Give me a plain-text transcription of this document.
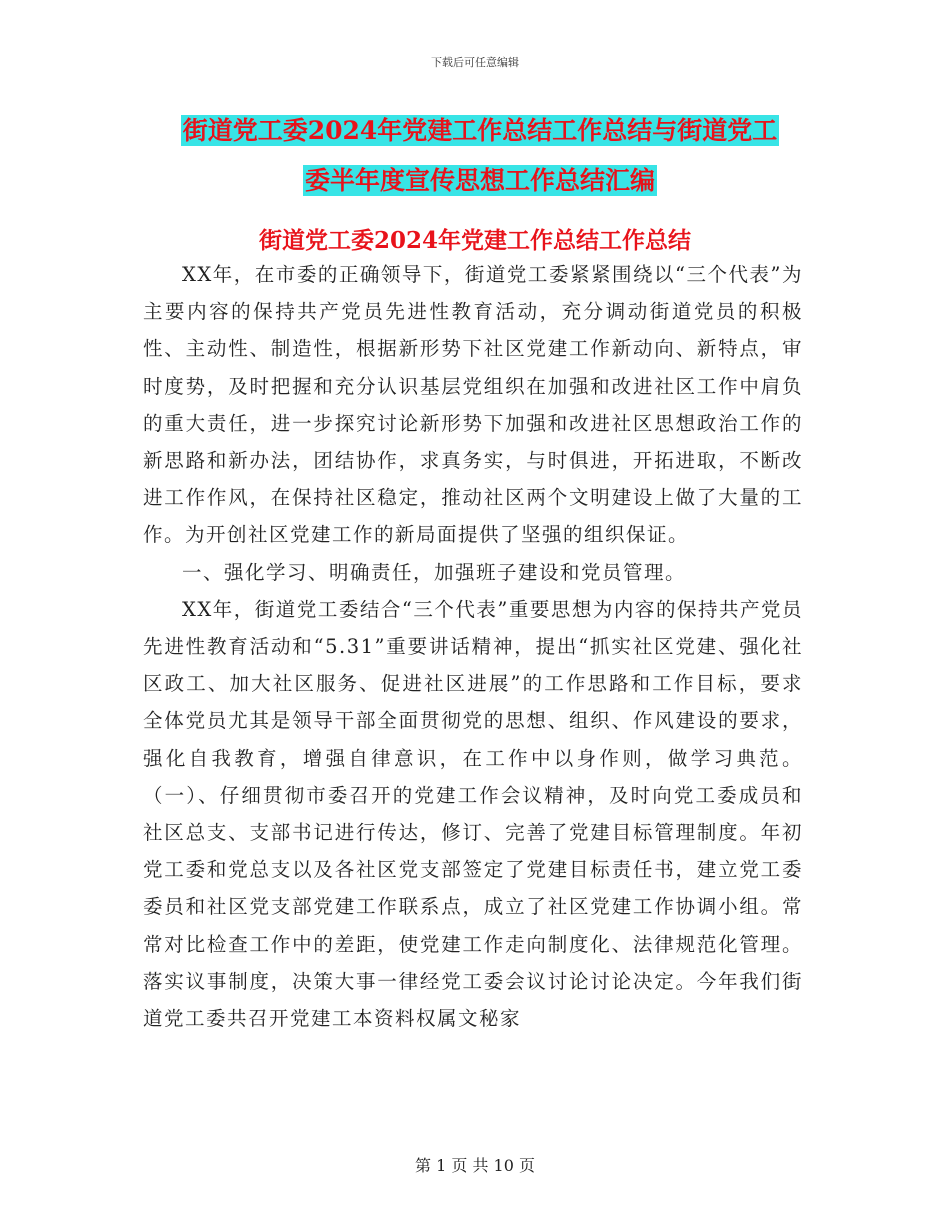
下载后可任意编辑
街道党工委2024年党建工作总结工作总结与街道党工
委半年度宣传思想工作总结汇编
街道党工委2024年党建工作总结工作总结

XX年，在市委的正确领导下，街道党工委紧紧围绕以“三个代表”为主要内容的保持共产党员先进性教育活动，充分调动街道党员的积极性、主动性、制造性，根据新形势下社区党建工作新动向、新特点，审时度势，及时把握和充分认识基层党组织在加强和改进社区工作中肩负的重大责任，进一步探究讨论新形势下加强和改进社区思想政治工作的新思路和新办法，团结协作，求真务实，与时俱进，开拓进取，不断改进工作作风，在保持社区稳定，推动社区两个文明建设上做了大量的工作。为开创社区党建工作的新局面提供了坚强的组织保证。

一、强化学习、明确责任，加强班子建设和党员管理。

XX年，街道党工委结合“三个代表”重要思想为内容的保持共产党员先进性教育活动和“5.31”重要讲话精神，提出“抓实社区党建、强化社区政工、加大社区服务、促进社区进展”的工作思路和工作目标，要求全体党员尤其是领导干部全面贯彻党的思想、组织、作风建设的要求，强化自我教育，增强自律意识，在工作中以身作则，做学习典范。（一）、仔细贯彻市委召开的党建工作会议精神，及时向党工委成员和社区总支、支部书记进行传达，修订、完善了党建目标管理制度。年初党工委和党总支以及各社区党支部签定了党建目标责任书，建立党工委委员和社区党支部党建工作联系点，成立了社区党建工作协调小组。常常对比检查工作中的差距，使党建工作走向制度化、法律规范化管理。落实议事制度，决策大事一律经党工委会议讨论讨论决定。今年我们街道党工委共召开党建工本资料权属文秘家

第 1 页 共 10 页
